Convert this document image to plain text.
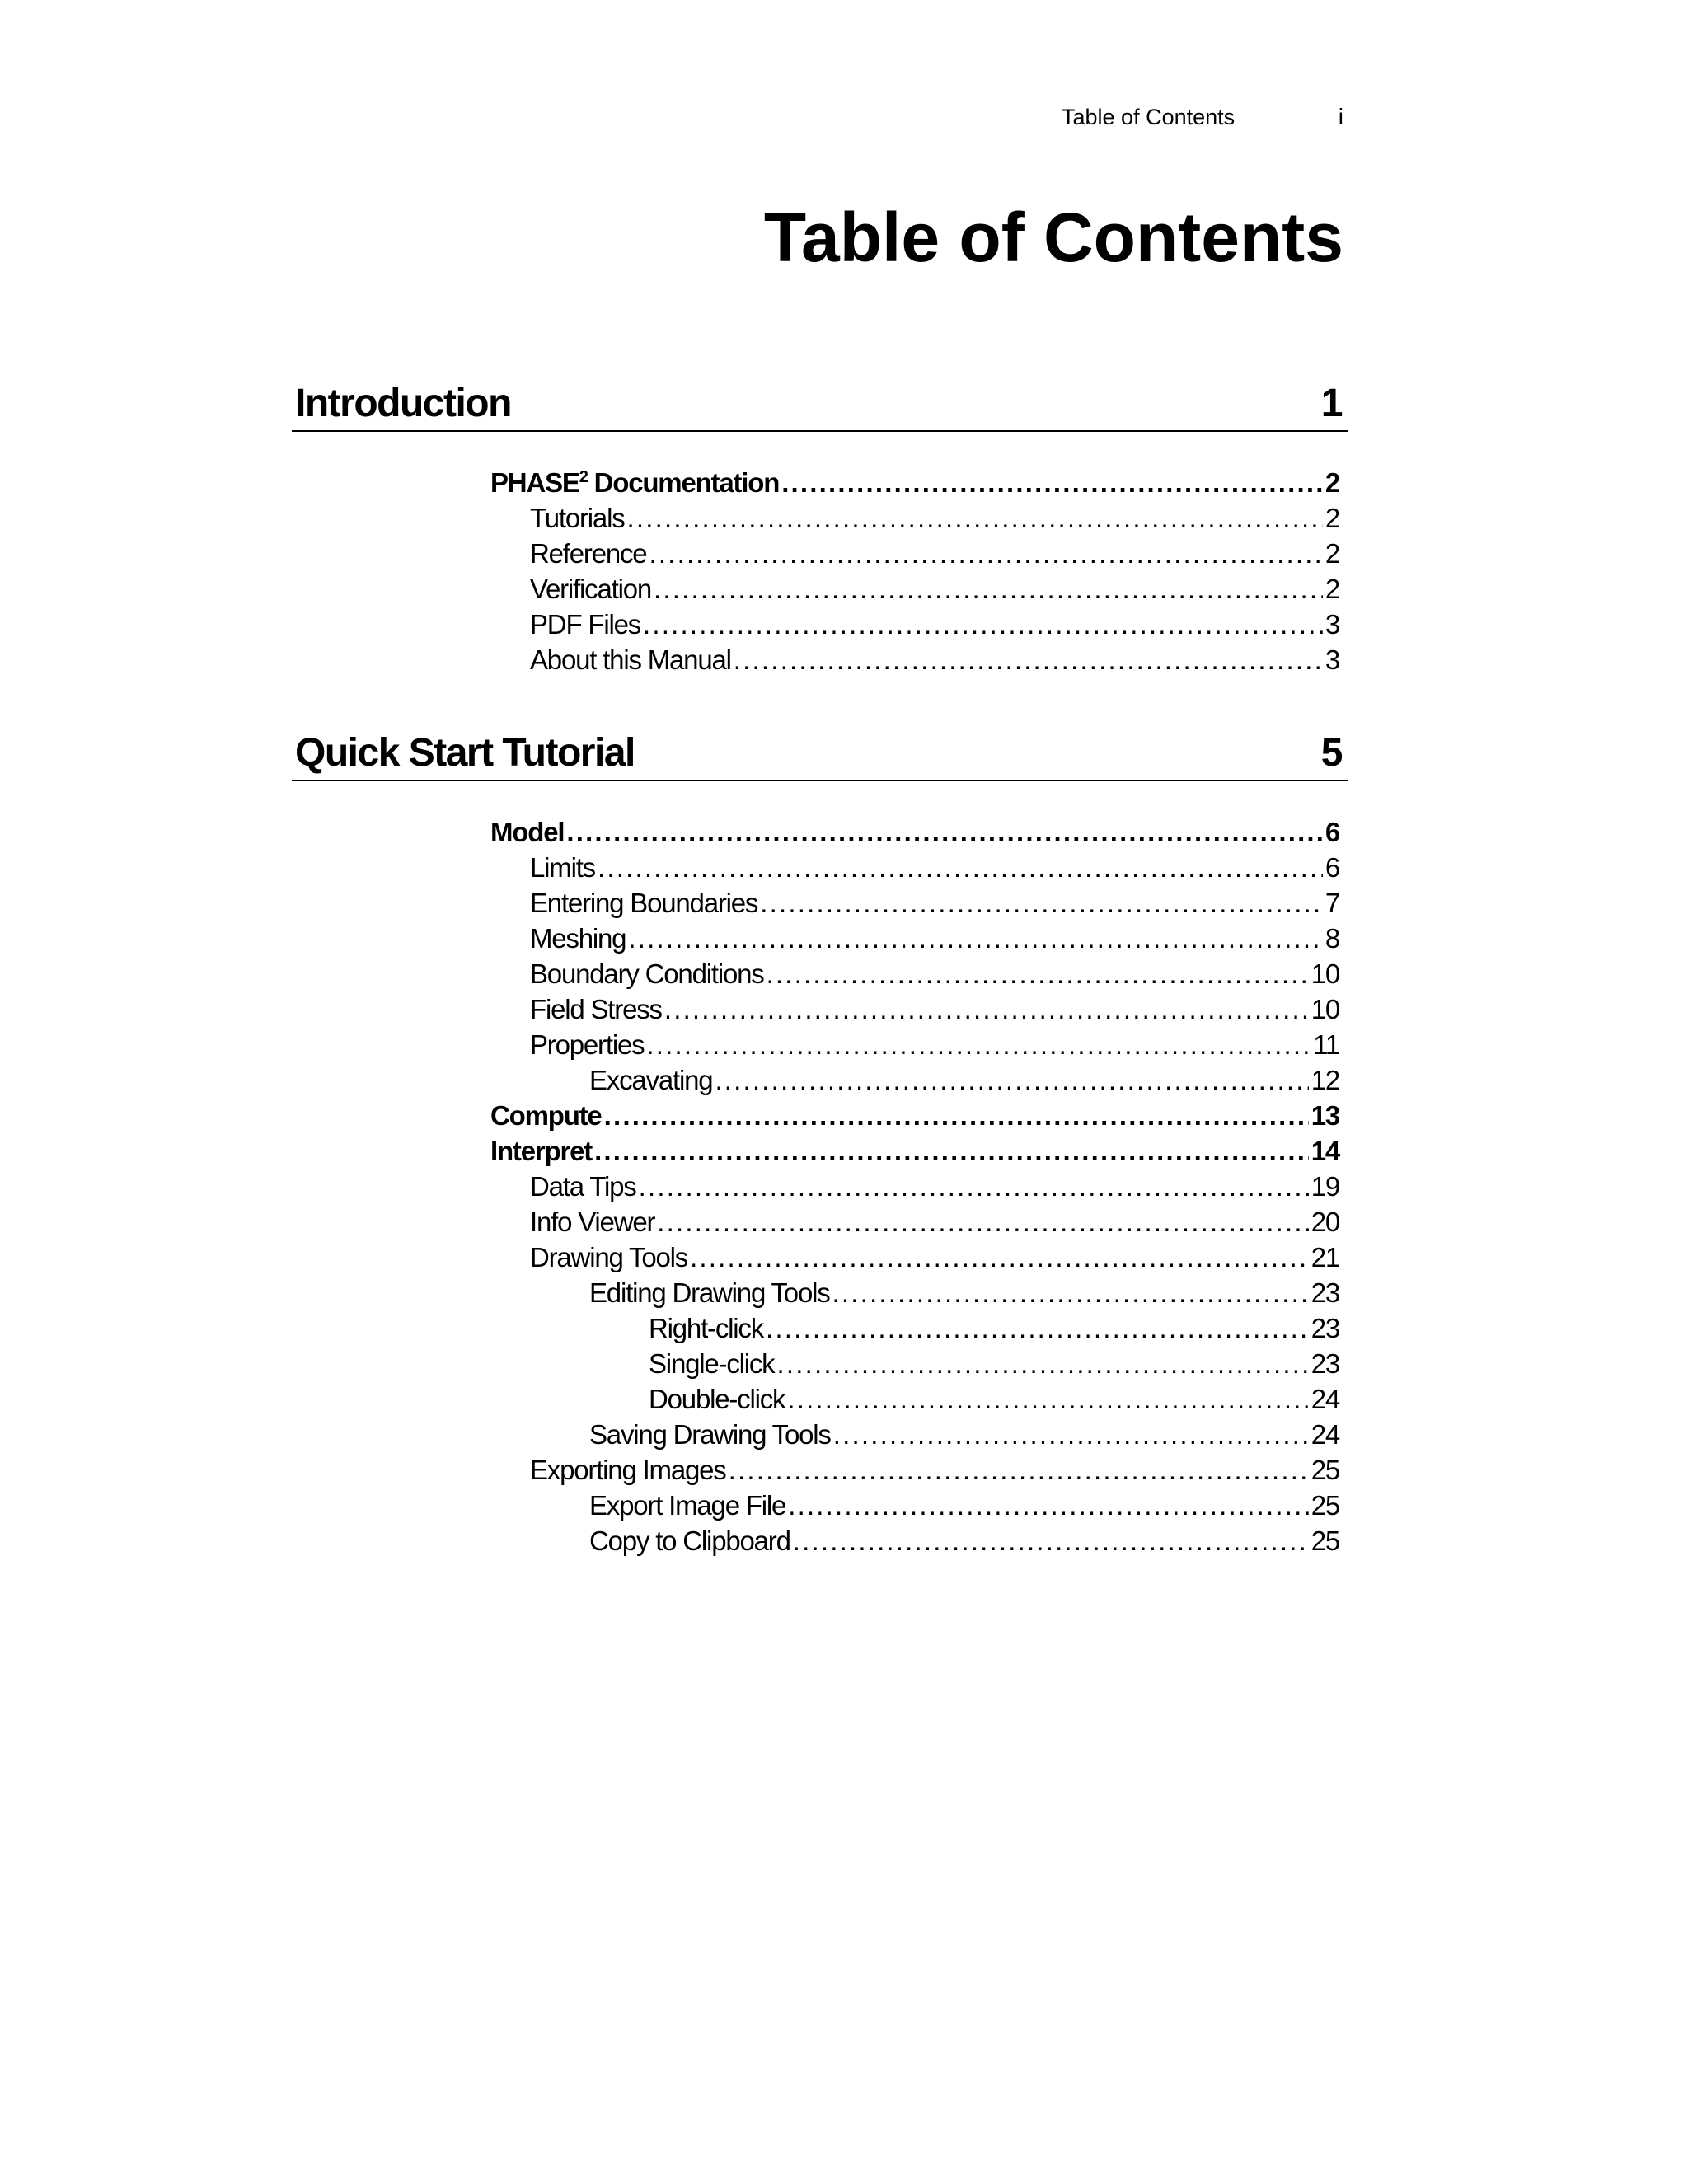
Table of Contents	i
Table of Contents
Introduction	1
PHASE$^2$ Documentation .....	2
Tutorials .....	2
Reference .....	2
Verification .....	2
PDF Files .....	3
About this Manual .....	3
Quick Start Tutorial	5
Model .....	6
Limits .....	6
Entering Boundaries .....	7
Meshing .....	8
Boundary Conditions .....	10
Field Stress .....	10
Properties .....	11
Excavating .....	12
Compute .....	13
Interpret .....	14
Data Tips .....	19
Info Viewer .....	20
Drawing Tools .....	21
Editing Drawing Tools .....	23
Right-click .....	23
Single-click .....	23
Double-click .....	24
Saving Drawing Tools .....	24
Exporting Images .....	25
Export Image File .....	25
Copy to Clipboard .....	25
